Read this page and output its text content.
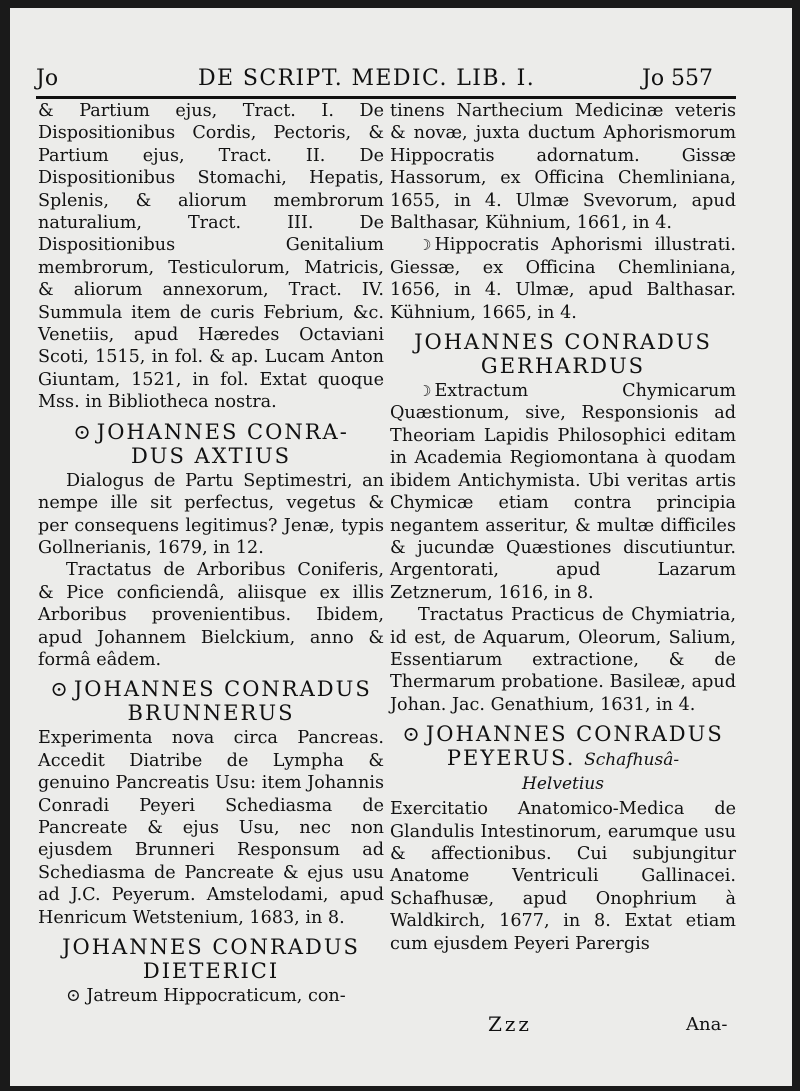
Jo	DE SCRIPT. MEDIC. LIB. I.	Jo 557

& Partium ejus, Tract. I. De Dispositionibus Cordis, Pectoris, & Partium ejus, Tract. II. De Dispositionibus Stomachi, Hepatis, Splenis, & aliorum membrorum naturalium, Tract. III. De Dispositionibus Genitalium membrorum, Testiculorum, Matricis, & aliorum annexorum, Tract. IV. Summula item de curis Febrium, &c. Venetiis, apud Hæredes Octaviani Scoti, 1515, in fol. & ap. Lucam Anton Giuntam, 1521, in fol. Extat quoque Mss. in Bibliotheca nostra.

⊙ JOHANNES CONRA-
DUS AXTIUS

Dialogus de Partu Septimestri, an nempe ille sit perfectus, vegetus & per consequens legitimus? Jenæ, typis Gollnerianis, 1679, in 12.

Tractatus de Arboribus Coniferis, & Pice conficiendâ, aliisque ex illis Arboribus provenientibus. Ibidem, apud Johannem Bielckium, anno & formâ eâdem.

⊙ JOHANNES CONRADUS
BRUNNERUS

Experimenta nova circa Pancreas. Accedit Diatribe de Lympha & genuino Pancreatis Usu: item Johannis Conradi Peyeri Schediasma de Pancreate & ejus Usu, nec non ejusdem Brunneri Responsum ad Schediasma de Pancreate & ejus usu ad J.C. Peyerum. Amstelodami, apud Henricum Wetstenium, 1683, in 8.

JOHANNES CONRADUS
DIETERICI

⊙ Jatreum Hippocraticum, con-

tinens Narthecium Medicinæ veteris & novæ, juxta ductum Aphorismorum Hippocratis adornatum. Gissæ Hassorum, ex Officina Chemliniana, 1655, in 4. Ulmæ Svevorum, apud Balthasar, Kühnium, 1661, in 4.

☽ Hippocratis Aphorismi illustrati. Giessæ, ex Officina Chemliniana, 1656, in 4. Ulmæ, apud Balthasar. Kühnium, 1665, in 4.

JOHANNES CONRADUS
GERHARDUS

☽ Extractum Chymicarum Quæstionum, sive, Responsionis ad Theoriam Lapidis Philosophici editam in Academia Regiomontana à quodam ibidem Antichymista. Ubi veritas artis Chymicæ etiam contra principia negantem asseritur, & multæ difficiles & jucundæ Quæstiones discutiuntur. Argentorati, apud Lazarum Zetznerum, 1616, in 8.

Tractatus Practicus de Chymiatria, id est, de Aquarum, Oleorum, Salium, Essentiarum extractione, & de Thermarum probatione. Basileæ, apud Johan. Jac. Genathium, 1631, in 4.

⊙ JOHANNES CONRADUS
PEYERUS. Schafhusâ-
Helvetius

Exercitatio Anatomico-Medica de Glandulis Intestinorum, earumque usu & affectionibus. Cui subjungitur Anatome Ventriculi Gallinacei. Schafhusæ, apud Onophrium à Waldkirch, 1677, in 8. Extat etiam cum ejusdem Peyeri Parergis

Zzz	Ana-
